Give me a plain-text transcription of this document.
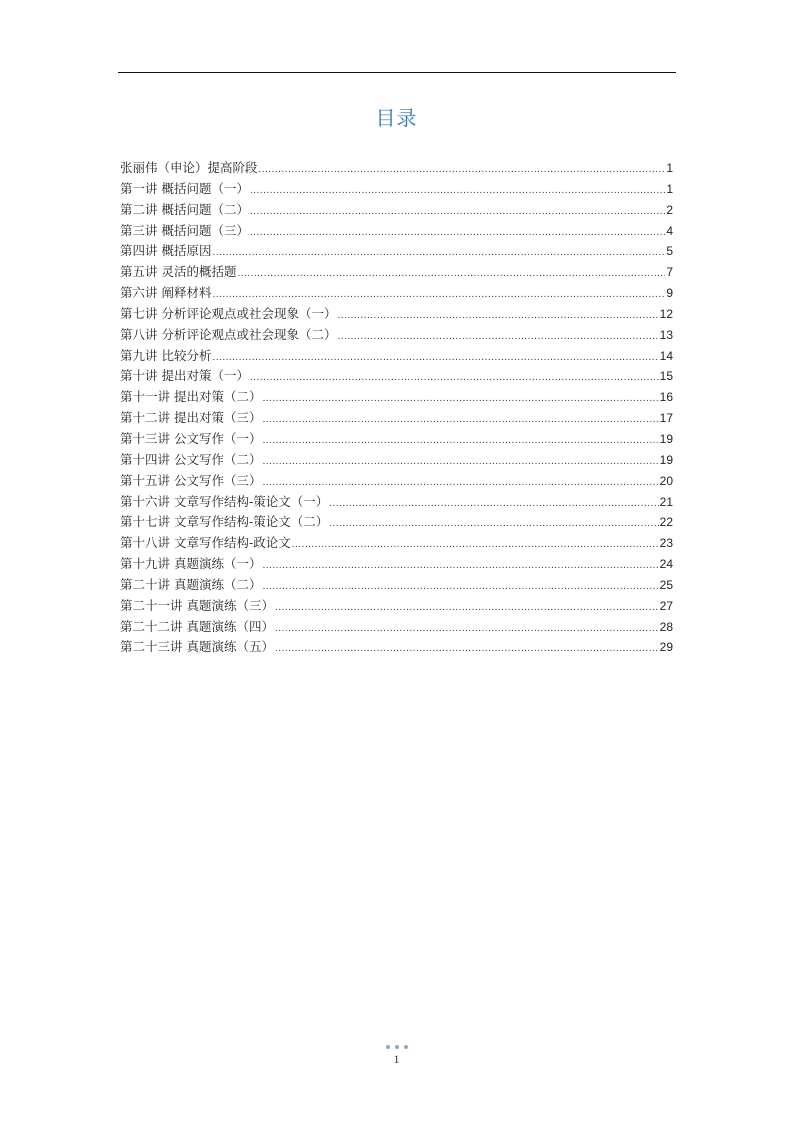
目录
张丽伟（申论）提高阶段 .....	1
第一讲 概括问题（一） .....	1
第二讲 概括问题（二） .....	2
第三讲 概括问题（三） .....	4
第四讲 概括原因 .....	5
第五讲 灵活的概括题 .....	7
第六讲 阐释材料 .....	9
第七讲 分析评论观点或社会现象（一） .....	12
第八讲 分析评论观点或社会现象（二） .....	13
第九讲 比较分析 .....	14
第十讲 提出对策（一） .....	15
第十一讲 提出对策（二） .....	16
第十二讲 提出对策（三） .....	17
第十三讲 公文写作（一） .....	19
第十四讲 公文写作（二） .....	19
第十五讲 公文写作（三） .....	20
第十六讲 文章写作结构-策论文（一） .....	21
第十七讲 文章写作结构-策论文（二） .....	22
第十八讲 文章写作结构-政论文 .....	23
第十九讲 真题演练（一） .....	24
第二十讲 真题演练（二） .....	25
第二十一讲 真题演练（三） .....	27
第二十二讲 真题演练（四） .....	28
第二十三讲 真题演练（五） .....	29
1
